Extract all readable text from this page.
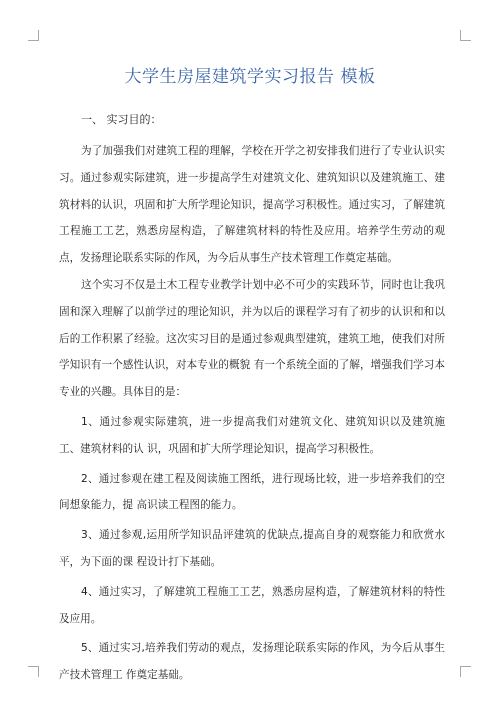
大学生房屋建筑学实习报告 模板
一、 实习目的：

为了加强我们对建筑工程的理解，学校在开学之初安排我们进行了专业认识实习。通过参观实际建筑，进一步提高学生对建筑文化、建筑知识以及建筑施工、建筑材料的认识，巩固和扩大所学理论知识，提高学习积极性。通过实习，了解建筑工程施工工艺，熟悉房屋构造，了解建筑材料的特性及应用。培养学生劳动的观点，发扬理论联系实际的作风，为今后从事生产技术管理工作奠定基础。

这个实习不仅是土木工程专业教学计划中必不可少的实践环节，同时也让我巩固和深入理解了以前学过的理论知识，并为以后的课程学习有了初步的认识和和以后的工作积累了经验。这次实习目的是通过参观典型建筑，建筑工地，使我们对所学知识有一个感性认识，对本专业的概貌 有一个系统全面的了解，增强我们学习本专业的兴趣。具体目的是：

1、通过参观实际建筑，进一步提高我们对建筑文化、建筑知识以及建筑施工、建筑材料的认 识，巩固和扩大所学理论知识，提高学习积极性。

2、通过参观在建工程及阅读施工图纸，进行现场比较，进一步培养我们的空间想象能力，提 高识读工程图的能力。

3、通过参观,运用所学知识品评建筑的优缺点,提高自身的观察能力和欣赏水平，为下面的课 程设计打下基础。

4、通过实习，了解建筑工程施工工艺，熟悉房屋构造，了解建筑材料的特性及应用。

5、通过实习,培养我们劳动的观点，发扬理论联系实际的作风，为今后从事生产技术管理工 作奠定基础。
